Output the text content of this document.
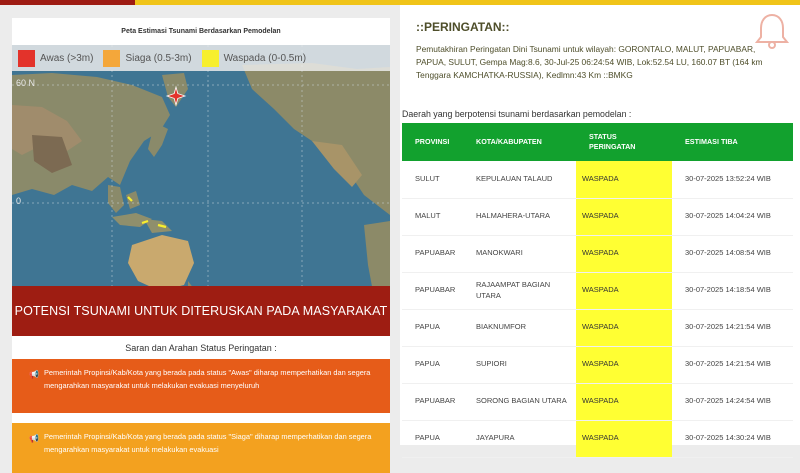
Peta Estimasi Tsunami Berdasarkan Pemodelan
Awas (>3m)	Siaga (0.5-3m)	Waspada (0-0.5m)
60 N
0
POTENSI TSUNAMI UNTUK DITERUSKAN PADA MASYARAKAT
Saran dan Arahan Status Peringatan :
📢 Pemerintah Propinsi/Kab/Kota yang berada pada status "Awas" diharap memperhatikan dan segera mengarahkan masyarakat untuk melakukan evakuasi menyeluruh
📢 Pemerintah Propinsi/Kab/Kota yang berada pada status "Siaga" diharap memperhatikan dan segera mengarahkan masyarakat untuk melakukan evakuasi
::PERINGATAN::
Pemutakhiran Peringatan Dini Tsunami untuk wilayah: GORONTALO, MALUT, PAPUABAR, PAPUA, SULUT, Gempa Mag:8.6, 30-Jul-25 06:24:54 WIB, Lok:52.54 LU, 160.07 BT (164 km Tenggara KAMCHATKA-RUSSIA), Kedlmn:43 Km ::BMKG
Daerah yang berpotensi tsunami berdasarkan pemodelan :
PROVINSI	KOTA/KABUPATEN	STATUS PERINGATAN	ESTIMASI TIBA
SULUT	KEPULAUAN TALAUD	WASPADA	30-07-2025 13:52:24 WIB
MALUT	HALMAHERA-UTARA	WASPADA	30-07-2025 14:04:24 WIB
PAPUABAR	MANOKWARI	WASPADA	30-07-2025 14:08:54 WIB
PAPUABAR	RAJAAMPAT BAGIAN UTARA	WASPADA	30-07-2025 14:18:54 WIB
PAPUA	BIAKNUMFOR	WASPADA	30-07-2025 14:21:54 WIB
PAPUA	SUPIORI	WASPADA	30-07-2025 14:21:54 WIB
PAPUABAR	SORONG BAGIAN UTARA	WASPADA	30-07-2025 14:24:54 WIB
PAPUA	JAYAPURA	WASPADA	30-07-2025 14:30:24 WIB
